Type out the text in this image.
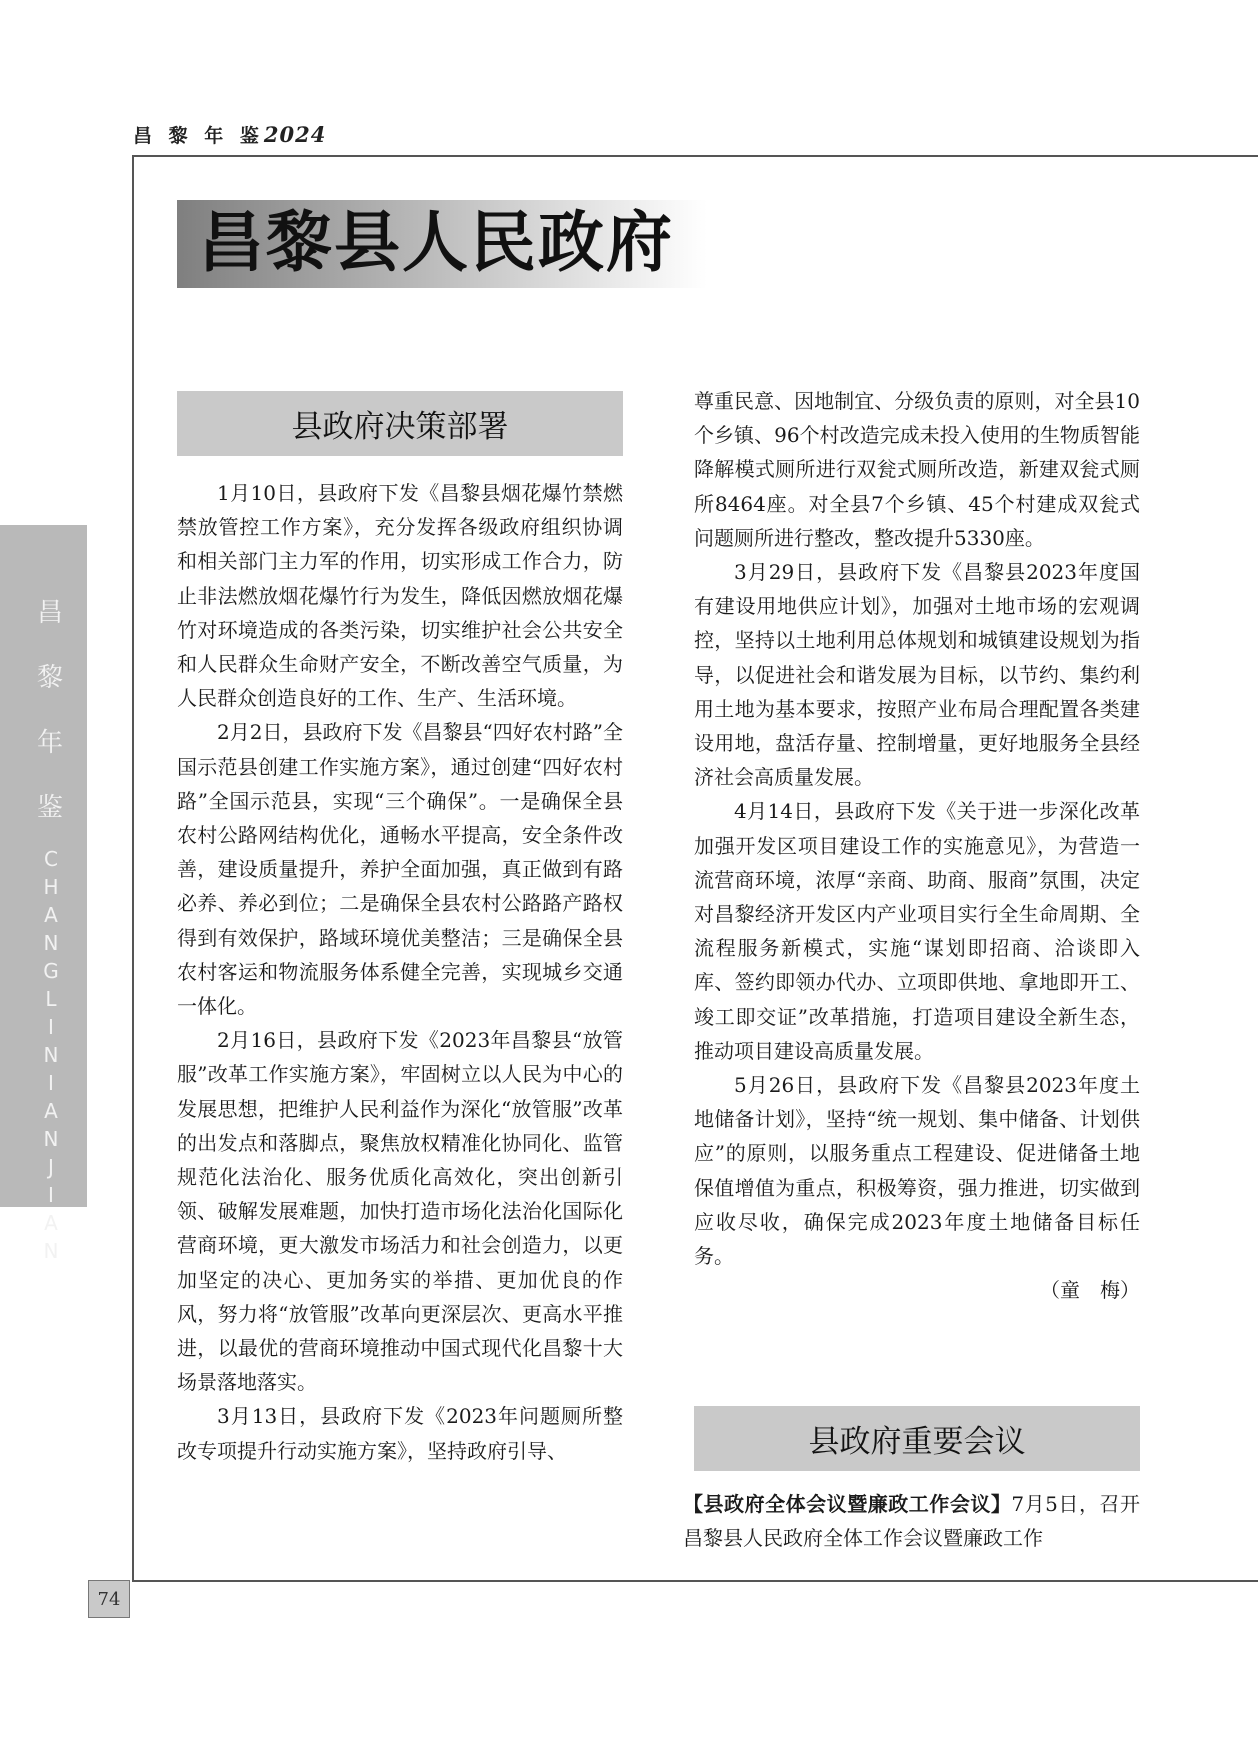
昌 黎 年 鉴2024
昌
黎
年
鉴
C
H
A
N
G
L
I
N
I
A
N
J
I
A
N
74
昌黎县人民政府
县政府决策部署

1月10日，县政府下发《昌黎县烟花爆竹禁燃禁放管控工作方案》，充分发挥各级政府组织协调和相关部门主力军的作用，切实形成工作合力，防止非法燃放烟花爆竹行为发生，降低因燃放烟花爆竹对环境造成的各类污染，切实维护社会公共安全和人民群众生命财产安全，不断改善空气质量，为人民群众创造良好的工作、生产、生活环境。

2月2日，县政府下发《昌黎县“四好农村路”全国示范县创建工作实施方案》，通过创建“四好农村路”全国示范县，实现“三个确保”。一是确保全县农村公路网结构优化，通畅水平提高，安全条件改善，建设质量提升，养护全面加强，真正做到有路必养、养必到位；二是确保全县农村公路路产路权得到有效保护，路域环境优美整洁；三是确保全县农村客运和物流服务体系健全完善，实现城乡交通一体化。

2月16日，县政府下发《2023年昌黎县“放管服”改革工作实施方案》，牢固树立以人民为中心的发展思想，把维护人民利益作为深化“放管服”改革的出发点和落脚点，聚焦放权精准化协同化、监管规范化法治化、服务优质化高效化，突出创新引领、破解发展难题，加快打造市场化法治化国际化营商环境，更大激发市场活力和社会创造力，以更加坚定的决心、更加务实的举措、更加优良的作风，努力将“放管服”改革向更深层次、更高水平推进，以最优的营商环境推动中国式现代化昌黎十大场景落地落实。

3月13日，县政府下发《2023年问题厕所整改专项提升行动实施方案》，坚持政府引导、

尊重民意、因地制宜、分级负责的原则，对全县10个乡镇、96个村改造完成未投入使用的生物质智能降解模式厕所进行双瓮式厕所改造，新建双瓮式厕所8464座。对全县7个乡镇、45个村建成双瓮式问题厕所进行整改，整改提升5330座。

3月29日，县政府下发《昌黎县2023年度国有建设用地供应计划》，加强对土地市场的宏观调控，坚持以土地利用总体规划和城镇建设规划为指导，以促进社会和谐发展为目标，以节约、集约利用土地为基本要求，按照产业布局合理配置各类建设用地，盘活存量、控制增量，更好地服务全县经济社会高质量发展。

4月14日，县政府下发《关于进一步深化改革加强开发区项目建设工作的实施意见》，为营造一流营商环境，浓厚“亲商、助商、服商”氛围，决定对昌黎经济开发区内产业项目实行全生命周期、全流程服务新模式，实施“谋划即招商、洽谈即入库、签约即领办代办、立项即供地、拿地即开工、竣工即交证”改革措施，打造项目建设全新生态，推动项目建设高质量发展。

5月26日，县政府下发《昌黎县2023年度土地储备计划》，坚持“统一规划、集中储备、计划供应”的原则，以服务重点工程建设、促进储备土地保值增值为重点，积极筹资，强力推进，切实做到应收尽收，确保完成2023年度土地储备目标任务。

（童　梅）

县政府重要会议

【县政府全体会议暨廉政工作会议】7月5日，召开昌黎县人民政府全体工作会议暨廉政工作
